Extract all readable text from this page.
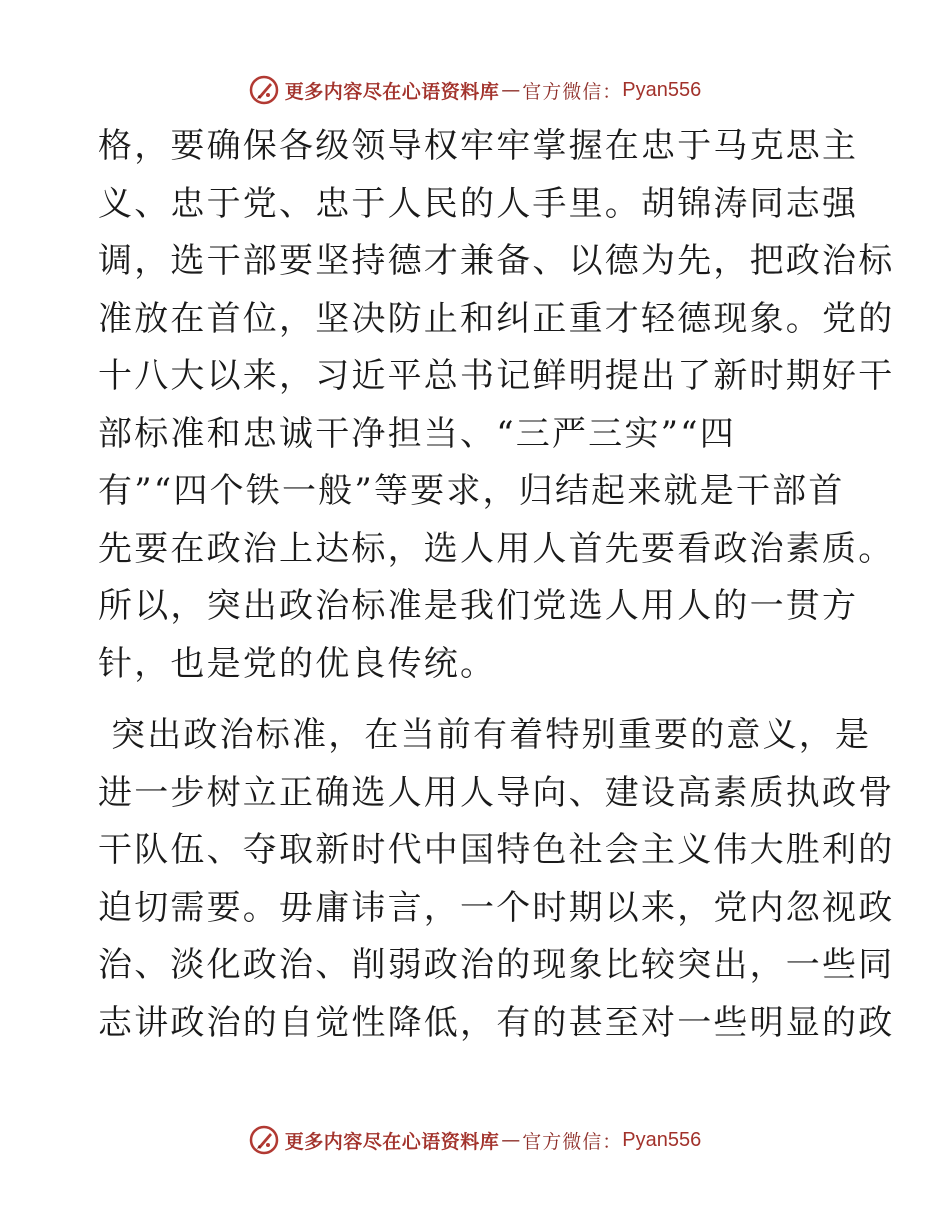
更多内容尽在心语资料库 — 官方微信： Pyan556
格，要确保各级领导权牢牢掌握在忠于马克思主
义、忠于党、忠于人民的人手里。胡锦涛同志强
调，选干部要坚持德才兼备、以德为先，把政治标
准放在首位，坚决防止和纠正重才轻德现象。党的
十八大以来，习近平总书记鲜明提出了新时期好干
部标准和忠诚干净担当、“三严三实”“四
有”“四个铁一般”等要求，归结起来就是干部首
先要在政治上达标，选人用人首先要看政治素质。
所以，突出政治标准是我们党选人用人的一贯方
针，也是党的优良传统。
突出政治标准，在当前有着特别重要的意义，是
进一步树立正确选人用人导向、建设高素质执政骨
干队伍、夺取新时代中国特色社会主义伟大胜利的
迫切需要。毋庸讳言，一个时期以来，党内忽视政
治、淡化政治、削弱政治的现象比较突出，一些同
志讲政治的自觉性降低，有的甚至对一些明显的政
更多内容尽在心语资料库 — 官方微信： Pyan556
